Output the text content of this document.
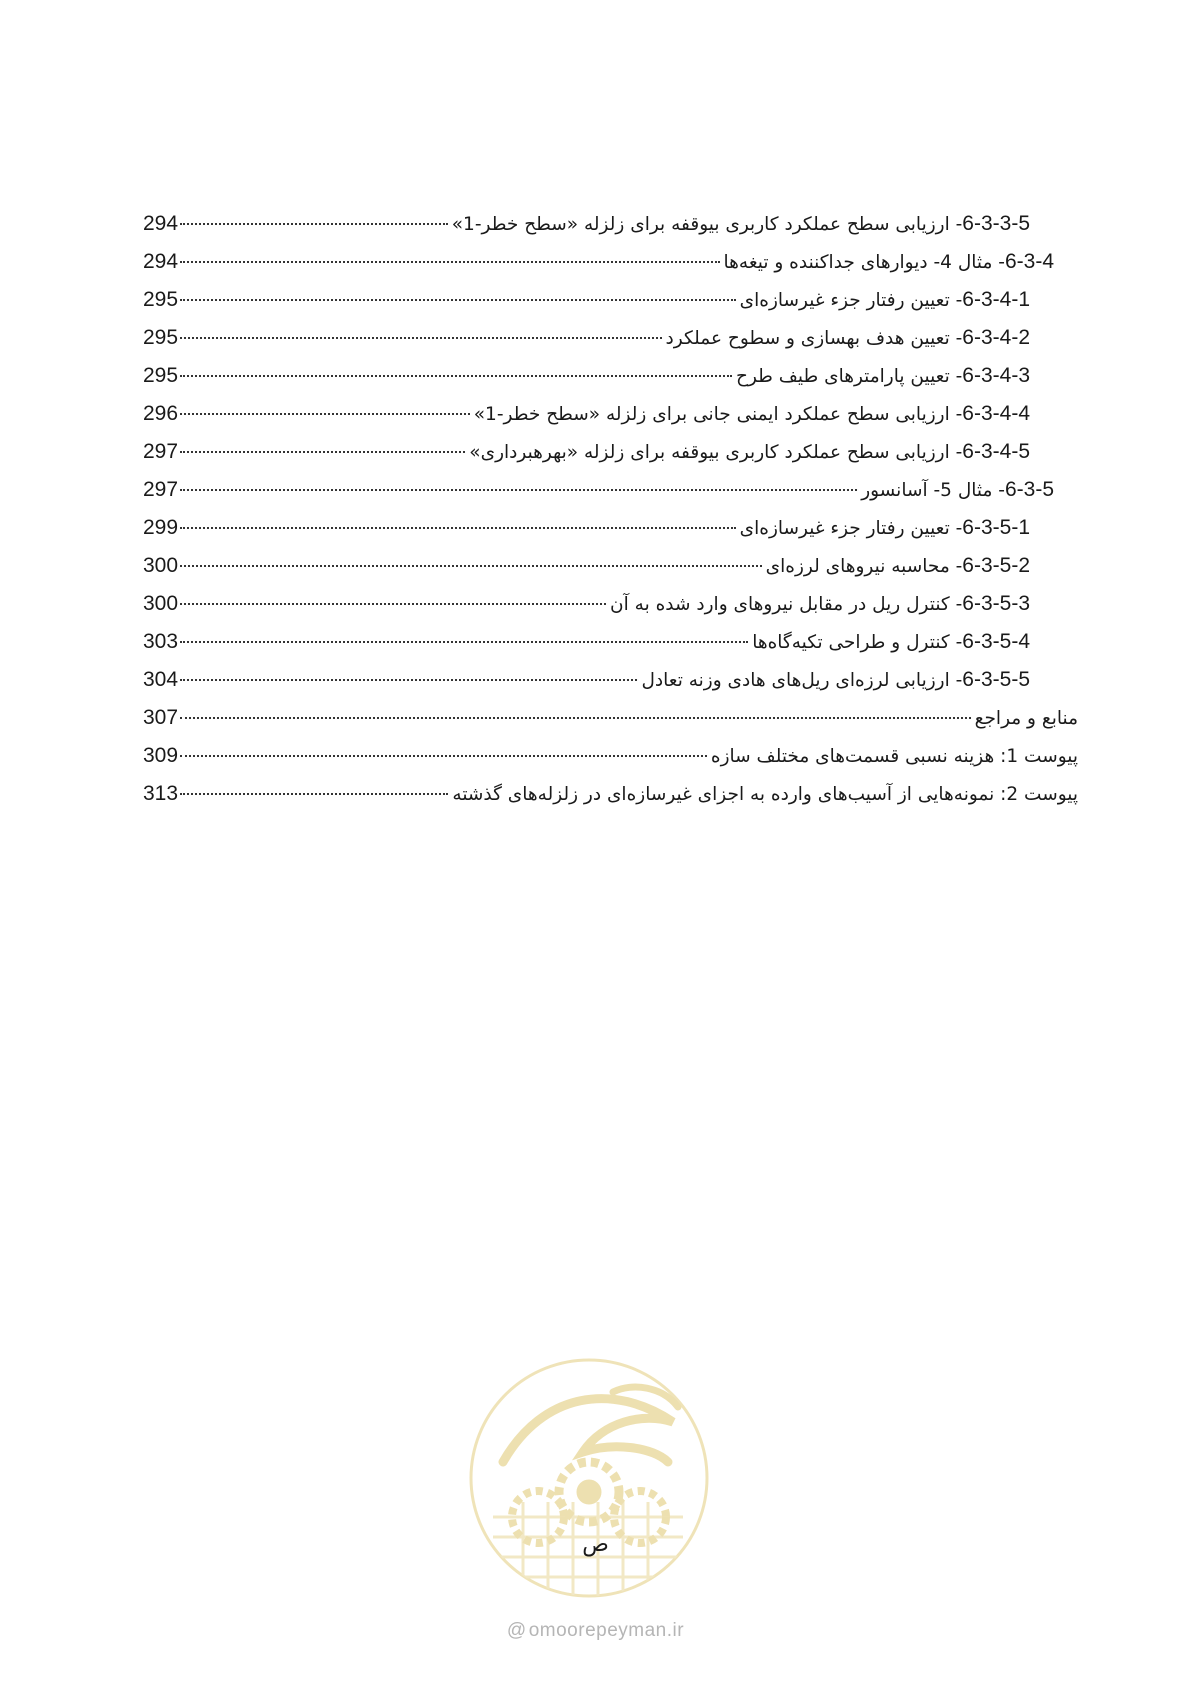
6-3-3-5- ارزیابی سطح عملکرد کاربری بیوقفه برای زلزله «سطح خطر-1»
294
6-3-4- مثال 4- دیوارهای جداکننده و تیغه‌ها
294
6-3-4-1- تعیین رفتار جزء غیرسازه‌ای
295
6-3-4-2- تعیین هدف بهسازی و سطوح عملکرد
295
6-3-4-3- تعیین پارامترهای طیف طرح
295
6-3-4-4- ارزیابی سطح عملکرد ایمنی جانی برای زلزله «سطح خطر-1»
296
6-3-4-5- ارزیابی سطح عملکرد کاربری بیوقفه برای زلزله «بهرهبرداری»
297
6-3-5- مثال 5- آسانسور
297
6-3-5-1- تعیین رفتار جزء غیرسازه‌ای
299
6-3-5-2- محاسبه نیروهای لرزه‌ای
300
6-3-5-3- کنترل ریل در مقابل نیروهای وارد شده به آن
300
6-3-5-4- کنترل و طراحی تکیه‌گاه‌ها
303
6-3-5-5- ارزیابی لرزه‌ای ریل‌های هادی وزنه تعادل
304
منابع و مراجع
307
پیوست 1: هزینه نسبی قسمت‌های مختلف سازه
309
پیوست 2: نمونه‌هایی از آسیب‌های وارده به اجزای غیرسازه‌ای در زلزله‌های گذشته
313
ص
@ omoorepeyman.ir
